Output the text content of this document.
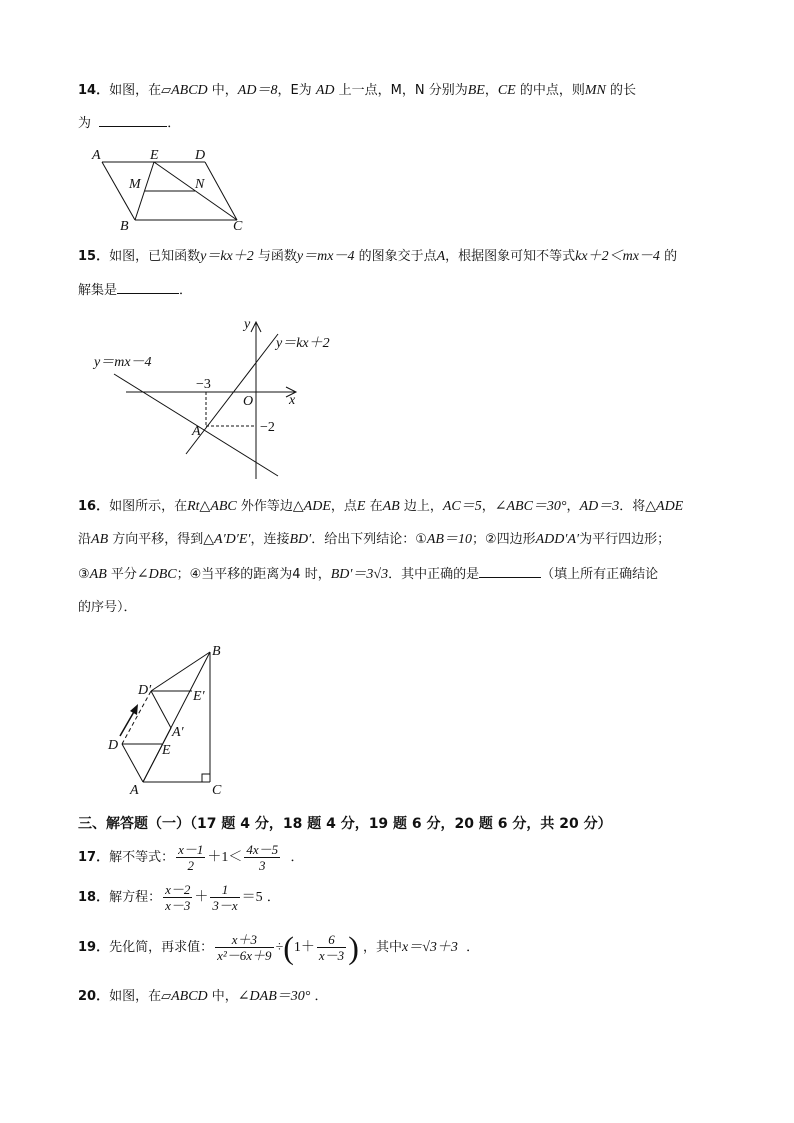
14．如图，在▱ABCD 中，AD＝8，E为 AD 上一点，M，N 分别为BE，CE 的中点，则MN 的长
为	．
A	E	D
M	N
B	C
15．如图，已知函数y＝kx＋2 与函数y＝mx－4 的图象交于点A，根据图象可知不等式kx＋2＜mx－4 的
解集是	．
y
x
O
A
−3
−2
y＝kx＋2
y＝mx－4
16．如图所示，在Rt△ABC 外作等边△ADE，点E 在AB 边上，AC＝5，∠ABC＝30°，AD＝3．将△ADE
沿AB 方向平移，得到△A′D′E′，连接BD′．给出下列结论：①AB＝10；②四边形ADD′A′为平行四边形；
③AB 平分∠DBC；④当平移的距离为4 时，BD′＝3√3．其中正确的是	（填上所有正确结论
的序号）．
B
D′	E′
A′
D	E
A	C
三、解答题（一）（17 题 4 分，18 题 4 分，19 题 6 分，20 题 6 分，共 20 分）
17．解不等式： $\frac{x-1}{2} +1< \frac{4x-5}{3}$ ．
18．解方程： $\frac{x-2}{x-3} + \frac{1}{3-x} =5$ ．
19．先化简，再求值： $\frac{x+3}{\text{x²－6x＋9}} \div(1+ \frac{6}{x-3}$ ) ，其中x＝√3＋3 ．
20．如图，在▱ABCD 中，∠DAB＝30° ．
